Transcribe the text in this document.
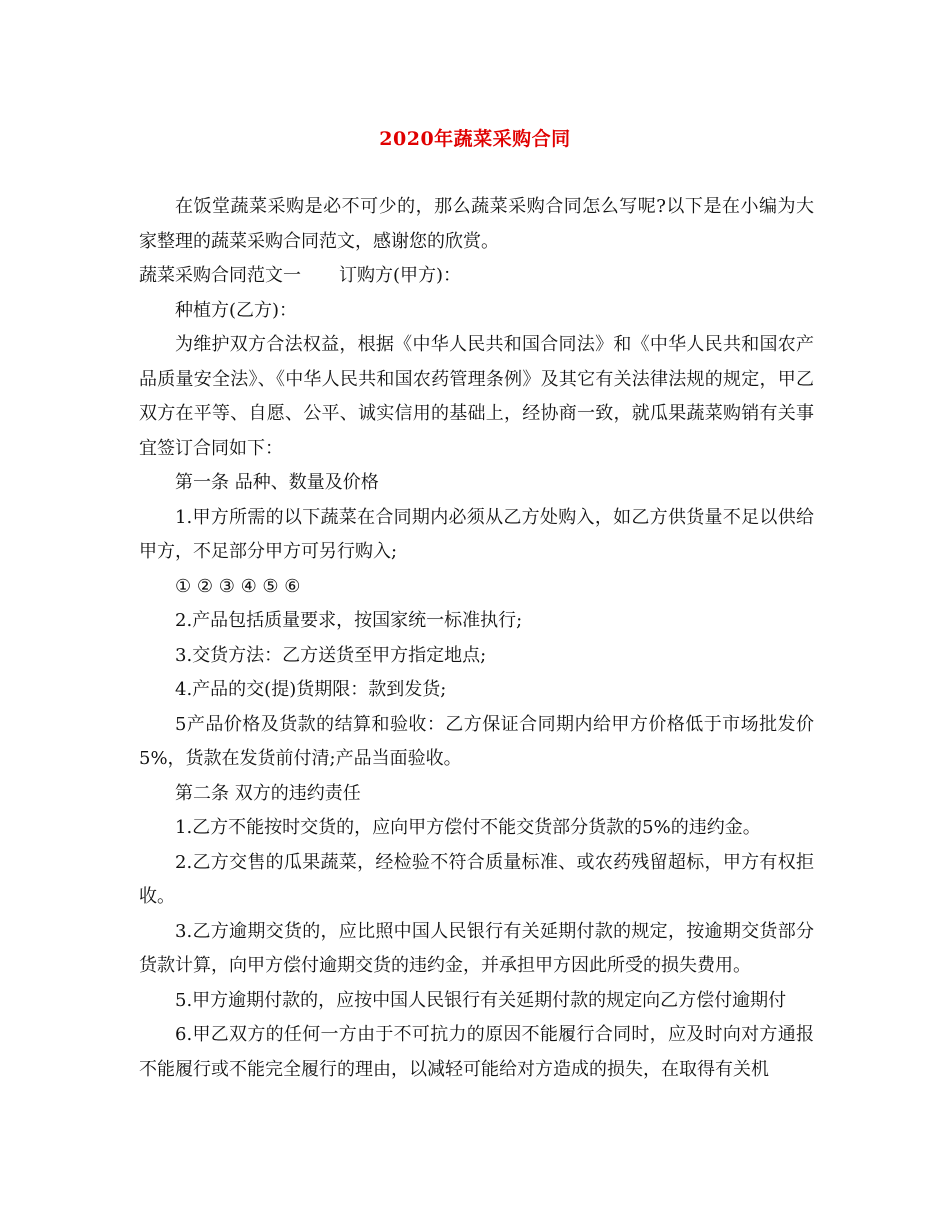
2020年蔬菜采购合同

在饭堂蔬菜采购是必不可少的，那么蔬菜采购合同怎么写呢?以下是在小编为大家整理的蔬菜采购合同范文，感谢您的欣赏。

蔬菜采购合同范文一 订购方(甲方)：

种植方(乙方)：

为维护双方合法权益，根据《中华人民共和国合同法》和《中华人民共和国农产品质量安全法》、《中华人民共和国农药管理条例》及其它有关法律法规的规定，甲乙双方在平等、自愿、公平、诚实信用的基础上，经协商一致，就瓜果蔬菜购销有关事宜签订合同如下：

第一条 品种、数量及价格

1.甲方所需的以下蔬菜在合同期内必须从乙方处购入，如乙方供货量不足以供给甲方，不足部分甲方可另行购入;

① ② ③ ④ ⑤ ⑥

2.产品包括质量要求，按国家统一标准执行;

3.交货方法：乙方送货至甲方指定地点;

4.产品的交(提)货期限：款到发货;

5产品价格及货款的结算和验收：乙方保证合同期内给甲方价格低于市场批发价5%，货款在发货前付清;产品当面验收。

第二条 双方的违约责任

1.乙方不能按时交货的，应向甲方偿付不能交货部分货款的5%的违约金。

2.乙方交售的瓜果蔬菜，经检验不符合质量标准、或农药残留超标，甲方有权拒收。

3.乙方逾期交货的，应比照中国人民银行有关延期付款的规定，按逾期交货部分货款计算，向甲方偿付逾期交货的违约金，并承担甲方因此所受的损失费用。

5.甲方逾期付款的，应按中国人民银行有关延期付款的规定向乙方偿付逾期付

6.甲乙双方的任何一方由于不可抗力的原因不能履行合同时，应及时向对方通报不能履行或不能完全履行的理由，以减轻可能给对方造成的损失，在取得有关机
